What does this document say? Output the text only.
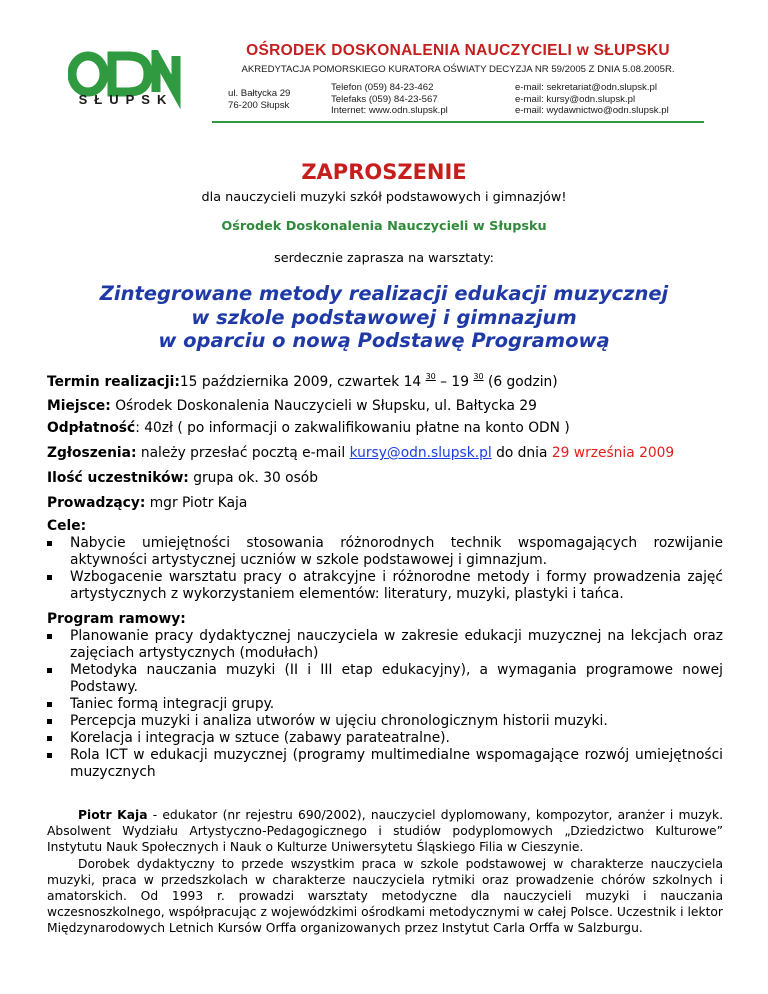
SŁUPSK
OŚRODEK DOSKONALENIA NAUCZYCIELI w SŁUPSKU
AKREDYTACJA POMORSKIEGO KURATORA OŚWIATY DECYZJA NR 59/2005 Z DNIA 5.08.2005R.
ul. Bałtycka 29
76-200 Słupsk
Telefon (059) 84-23-462
Telefaks (059) 84-23-567
Internet: www.odn.slupsk.pl
e-mail: sekretariat@odn.slupsk.pl
e-mail: kursy@odn.slupsk.pl
e-mail: wydawnictwo@odn.slupsk.pl
ZAPROSZENIE
dla nauczycieli muzyki szkół podstawowych i gimnazjów!
Ośrodek Doskonalenia Nauczycieli w Słupsku
serdecznie zaprasza na warsztaty:
Zintegrowane metody realizacji edukacji muzycznej
w szkole podstawowej i gimnazjum
w oparciu o nową Podstawę Programową
Termin realizacji:15 października 2009, czwartek 14 $^{30}$ – 19 $^{30}$ (6 godzin)
Miejsce: Ośrodek Doskonalenia Nauczycieli w Słupsku, ul. Bałtycka 29
Odpłatność: 40zł ( po informacji o zakwalifikowaniu płatne na konto ODN )
Zgłoszenia: należy przesłać pocztą e-mail kursy@odn.slupsk.pl do dnia 29 września 2009
Ilość uczestników: grupa ok. 30 osób
Prowadzący: mgr Piotr Kaja
Cele:
Nabycie umiejętności stosowania różnorodnych technik wspomagających rozwijanie aktywności artystycznej uczniów w szkole podstawowej i gimnazjum.
Wzbogacenie warsztatu pracy o atrakcyjne i różnorodne metody i formy prowadzenia zajęć artystycznych z wykorzystaniem elementów: literatury, muzyki, plastyki i tańca.
Program ramowy:
Planowanie pracy dydaktycznej nauczyciela w zakresie edukacji muzycznej na lekcjach oraz zajęciach artystycznych (modułach)
Metodyka nauczania muzyki (II i III etap edukacyjny), a wymagania programowe nowej Podstawy.
Taniec formą integracji grupy.
Percepcja muzyki i analiza utworów w ujęciu chronologicznym historii muzyki.
Korelacja i integracja w sztuce (zabawy parateatralne).
Rola ICT w edukacji muzycznej (programy multimedialne wspomagające rozwój umiejętności muzycznych

Piotr Kaja - edukator (nr rejestru 690/2002), nauczyciel dyplomowany, kompozytor, aranżer i muzyk. Absolwent Wydziału Artystyczno-Pedagogicznego i studiów podyplomowych „Dziedzictwo Kulturowe” Instytutu Nauk Społecznych i Nauk o Kulturze Uniwersytetu Śląskiego Filia w Cieszynie.

Dorobek dydaktyczny to przede wszystkim praca w szkole podstawowej w charakterze nauczyciela muzyki, praca w przedszkolach w charakterze nauczyciela rytmiki oraz prowadzenie chórów szkolnych i amatorskich. Od 1993 r. prowadzi warsztaty metodyczne dla nauczycieli muzyki i nauczania wczesnoszkolnego, współpracując z wojewódzkimi ośrodkami metodycznymi w całej Polsce. Uczestnik i lektor Międzynarodowych Letnich Kursów Orffa organizowanych przez Instytut Carla Orffa w Salzburgu.
